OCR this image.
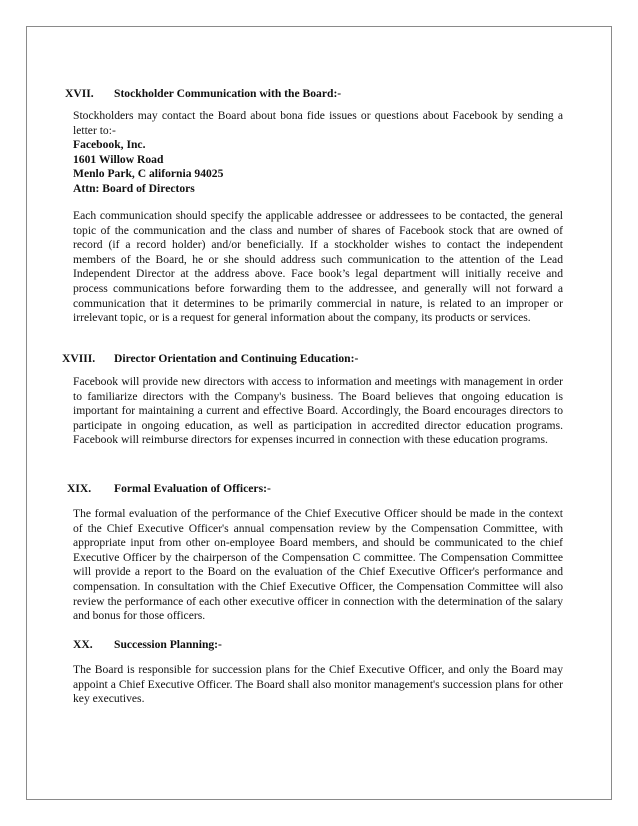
XVII. Stockholder Communication with the Board:-
Stockholders may contact the Board about bona fide issues or questions about Facebook by sending a letter to:-
Facebook, Inc.
1601 Willow Road
Menlo Park, C alifornia 94025
Attn: Board of Directors
Each communication should specify the applicable addressee or addressees to be contacted, the general topic of the communication and the class and number of shares of Facebook stock that are owned of record (if a record holder) and/or beneficially. If a stockholder wishes to contact the independent members of the Board, he or she should address such communication to the attention of the Lead Independent Director at the address above. Face book’s legal department will initially receive and process communications before forwarding them to the addressee, and generally will not forward a communication that it determines to be primarily commercial in nature, is related to an improper or irrelevant topic, or is a request for general information about the company, its products or services.
XVIII. Director Orientation and Continuing Education:-
Facebook will provide new directors with access to information and meetings with management in order to familiarize directors with the Company's business. The Board believes that ongoing education is important for maintaining a current and effective Board. Accordingly, the Board encourages directors to participate in ongoing education, as well as participation in accredited director education programs. Facebook will reimburse directors for expenses incurred in connection with these education programs.
XIX. Formal Evaluation of Officers:-
The formal evaluation of the performance of the Chief Executive Officer should be made in the context of the Chief Executive Officer's annual compensation review by the Compensation Committee, with appropriate input from other on-employee Board members, and should be communicated to the chief Executive Officer by the chairperson of the Compensation C committee. The Compensation Committee will provide a report to the Board on the evaluation of the Chief Executive Officer's performance and compensation. In consultation with the Chief Executive Officer, the Compensation Committee will also review the performance of each other executive officer in connection with the determination of the salary and bonus for those officers.
XX. Succession Planning:-
The Board is responsible for succession plans for the Chief Executive Officer, and only the Board may appoint a Chief Executive Officer. The Board shall also monitor management's succession plans for other key executives.
